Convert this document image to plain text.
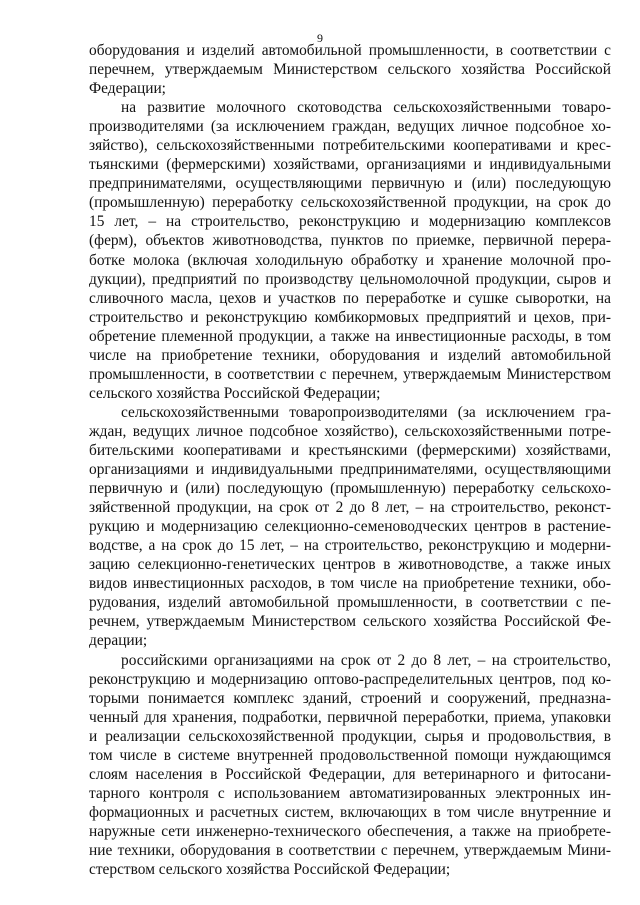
9

оборудования и изделий автомобильной промышленности, в соответствии с
перечнем, утверждаемым Министерством сельского хозяйства Российской
Федерации;

на развитие молочного скотоводства сельскохозяйственными товаро-
производителями (за исключением граждан, ведущих личное подсобное хо-
зяйство), сельскохозяйственными потребительскими кооперативами и крес-
тьянскими (фермерскими) хозяйствами, организациями и индивидуальными
предпринимателями, осуществляющими первичную и (или) последующую
(промышленную) переработку сельскохозяйственной продукции, на срок до
15 лет, – на строительство, реконструкцию и модернизацию комплексов
(ферм), объектов животноводства, пунктов по приемке, первичной перера-
ботке молока (включая холодильную обработку и хранение молочной про-
дукции), предприятий по производству цельномолочной продукции, сыров и
сливочного масла, цехов и участков по переработке и сушке сыворотки, на
строительство и реконструкцию комбикормовых предприятий и цехов, при-
обретение племенной продукции, а также на инвестиционные расходы, в том
числе на приобретение техники, оборудования и изделий автомобильной
промышленности, в соответствии с перечнем, утверждаемым Министерством
сельского хозяйства Российской Федерации;

сельскохозяйственными товаропроизводителями (за исключением гра-
ждан, ведущих личное подсобное хозяйство), сельскохозяйственными потре-
бительскими кооперативами и крестьянскими (фермерскими) хозяйствами,
организациями и индивидуальными предпринимателями, осуществляющими
первичную и (или) последующую (промышленную) переработку сельскохо-
зяйственной продукции, на срок от 2 до 8 лет, – на строительство, реконст-
рукцию и модернизацию селекционно-семеноводческих центров в растение-
водстве, а на срок до 15 лет, – на строительство, реконструкцию и модерни-
зацию селекционно-генетических центров в животноводстве, а также иных
видов инвестиционных расходов, в том числе на приобретение техники, обо-
рудования, изделий автомобильной промышленности, в соответствии с пе-
речнем, утверждаемым Министерством сельского хозяйства Российской Фе-
дерации;

российскими организациями на срок от 2 до 8 лет, – на строительство,
реконструкцию и модернизацию оптово-распределительных центров, под ко-
торыми понимается комплекс зданий, строений и сооружений, предназна-
ченный для хранения, подработки, первичной переработки, приема, упаковки
и реализации сельскохозяйственной продукции, сырья и продовольствия, в
том числе в системе внутренней продовольственной помощи нуждающимся
слоям населения в Российской Федерации, для ветеринарного и фитосани-
тарного контроля с использованием автоматизированных электронных ин-
формационных и расчетных систем, включающих в том числе внутренние и
наружные сети инженерно-технического обеспечения, а также на приобрете-
ние техники, оборудования в соответствии с перечнем, утверждаемым Мини-
стерством сельского хозяйства Российской Федерации;
